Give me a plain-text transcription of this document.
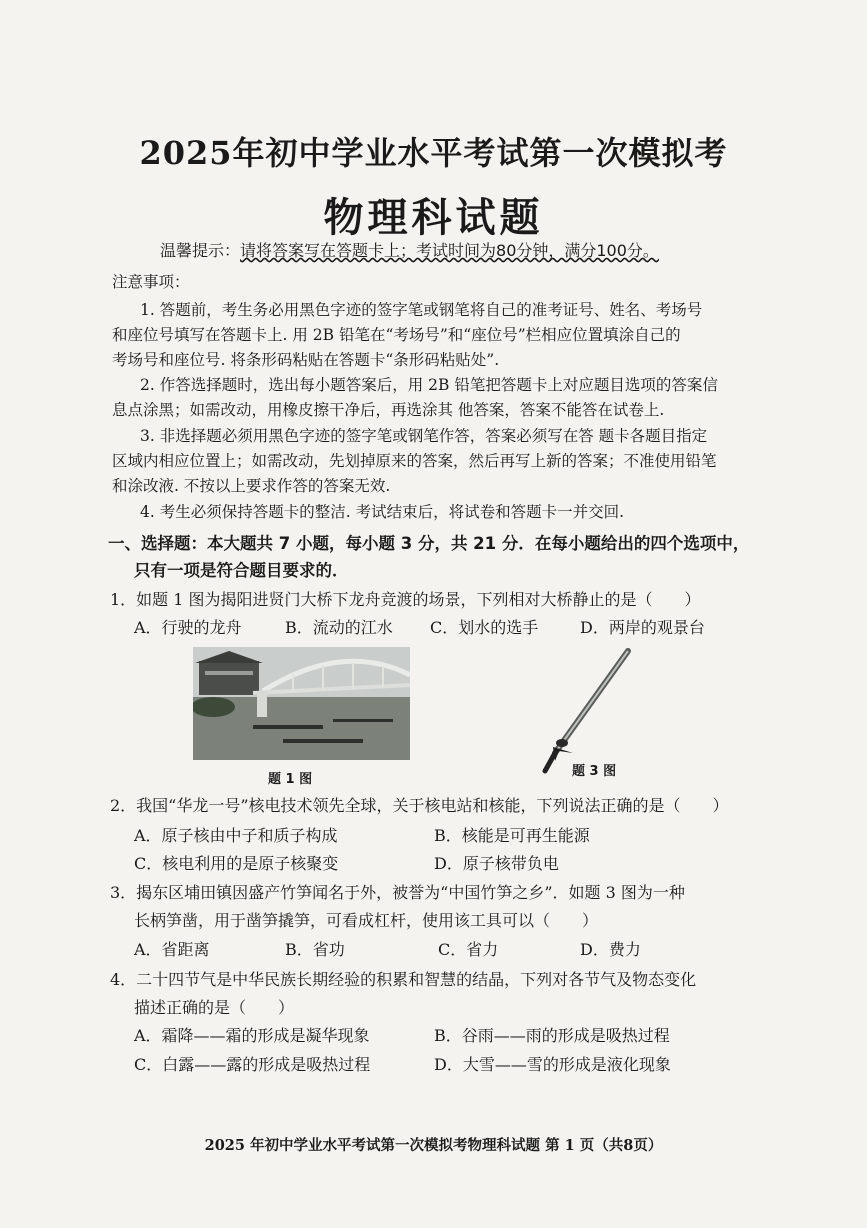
2025年初中学业水平考试第一次模拟考
物理科试题
温馨提示：请将答案写在答题卡上；考试时间为80分钟，满分100分。
注意事项：
1. 答题前，考生务必用黑色字迹的签字笔或钢笔将自己的准考证号、姓名、考场号
和座位号填写在答题卡上. 用 2B 铅笔在“考场号”和“座位号”栏相应位置填涂自己的
考场号和座位号. 将条形码粘贴在答题卡“条形码粘贴处”.
2. 作答选择题时，选出每小题答案后，用 2B 铅笔把答题卡上对应题目选项的答案信
息点涂黑；如需改动，用橡皮擦干净后，再选涂其 他答案，答案不能答在试卷上.
3. 非选择题必须用黑色字迹的签字笔或钢笔作答，答案必须写在答 题卡各题目指定
区域内相应位置上；如需改动，先划掉原来的答案，然后再写上新的答案；不准使用铅笔
和涂改液. 不按以上要求作答的答案无效.
4. 考生必须保持答题卡的整洁. 考试结束后，将试卷和答题卡一并交回.
一、选择题：本大题共 7 小题，每小题 3 分，共 21 分．在每小题给出的四个选项中，
只有一项是符合题目要求的．
1．如题 1 图为揭阳进贤门大桥下龙舟竞渡的场景，下列相对大桥静止的是（　　）
A．行驶的龙舟	B．流动的江水 C．划水的选手	D．两岸的观景台
题 1 图
题 3 图
2．我国“华龙一号”核电技术领先全球，关于核电站和核能，下列说法正确的是（　　）
A．原子核由中子和质子构成	B．核能是可再生能源
C．核电利用的是原子核聚变	D．原子核带负电
3．揭东区埔田镇因盛产竹笋闻名于外，被誉为“中国竹笋之乡”．如题 3 图为一种
长柄笋凿，用于凿笋撬笋，可看成杠杆，使用该工具可以（　　）
A．省距离	B．省功	C．省力	D．费力
4．二十四节气是中华民族长期经验的积累和智慧的结晶，下列对各节气及物态变化
描述正确的是（　　）
A．霜降——霜的形成是凝华现象	B．谷雨——雨的形成是吸热过程
C．白露——露的形成是吸热过程	D．大雪——雪的形成是液化现象
2025 年初中学业水平考试第一次模拟考物理科试题 第 1 页（共8页）
